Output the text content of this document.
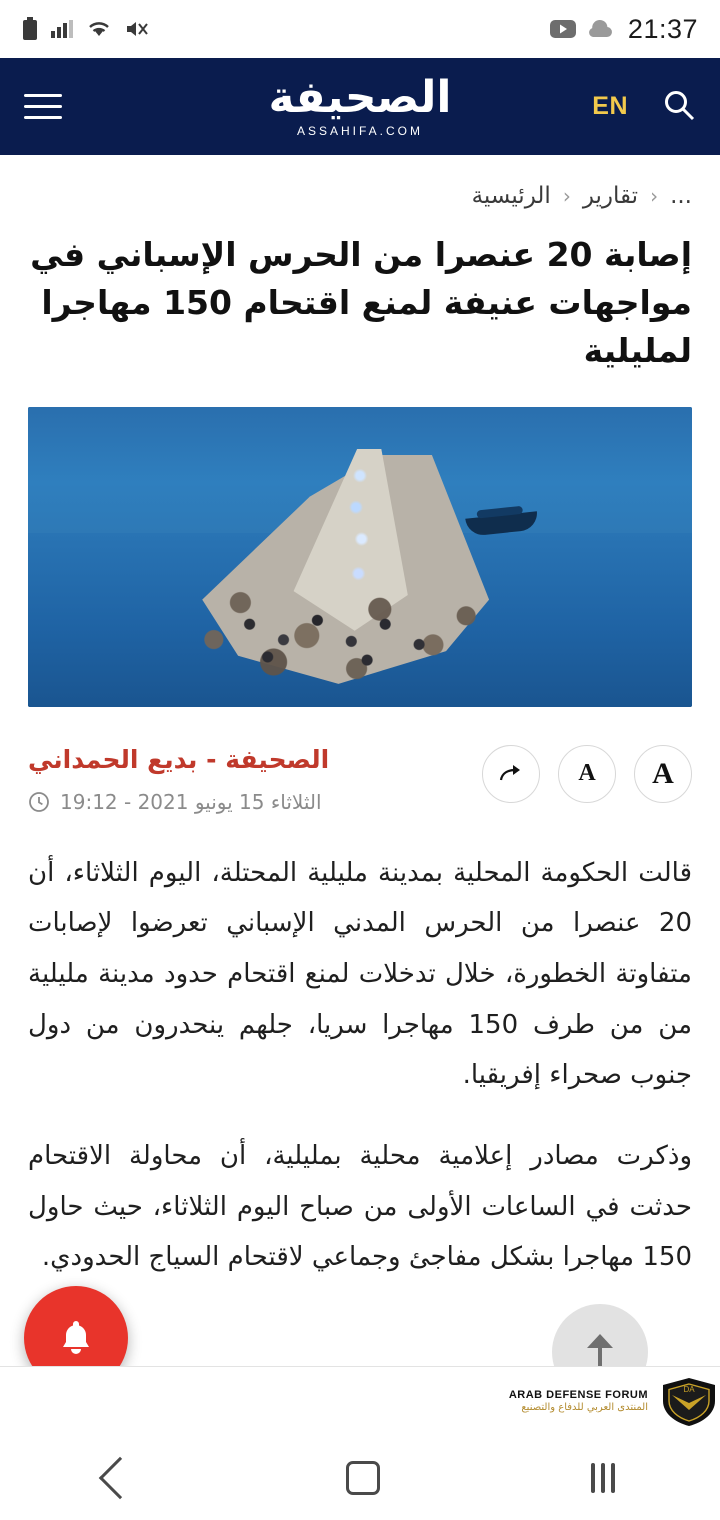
21:37
EN
الصحيفة
ASSAHIFA.COM
...
‹
تقارير
‹
الرئيسية
إصابة 20 عنصرا من الحرس الإسباني في مواجهات عنيفة لمنع اقتحام 150 مهاجرا لمليلية
A	A
الصحيفة - بديع الحمداني
الثلاثاء 15 يونيو 2021 - 19:12

قالت الحكومة المحلية بمدينة مليلية المحتلة، اليوم الثلاثاء، أن 20 عنصرا من الحرس المدني الإسباني تعرضوا لإصابات متفاوتة الخطورة، خلال تدخلات لمنع اقتحام حدود مدينة مليلية من من طرف 150 مهاجرا سريا، جلهم ينحدرون من دول جنوب صحراء إفريقيا.

وذكرت مصادر إعلامية محلية بمليلية، أن محاولة الاقتحام حدثت في الساعات الأولى من صباح اليوم الثلاثاء، حيث حاول 150 مهاجرا بشكل مفاجئ وجماعي لاقتحام السياج الحدودي.

DA
ARAB DEFENSE FORUM
المنتدى العربي للدفاع والتصنيع
